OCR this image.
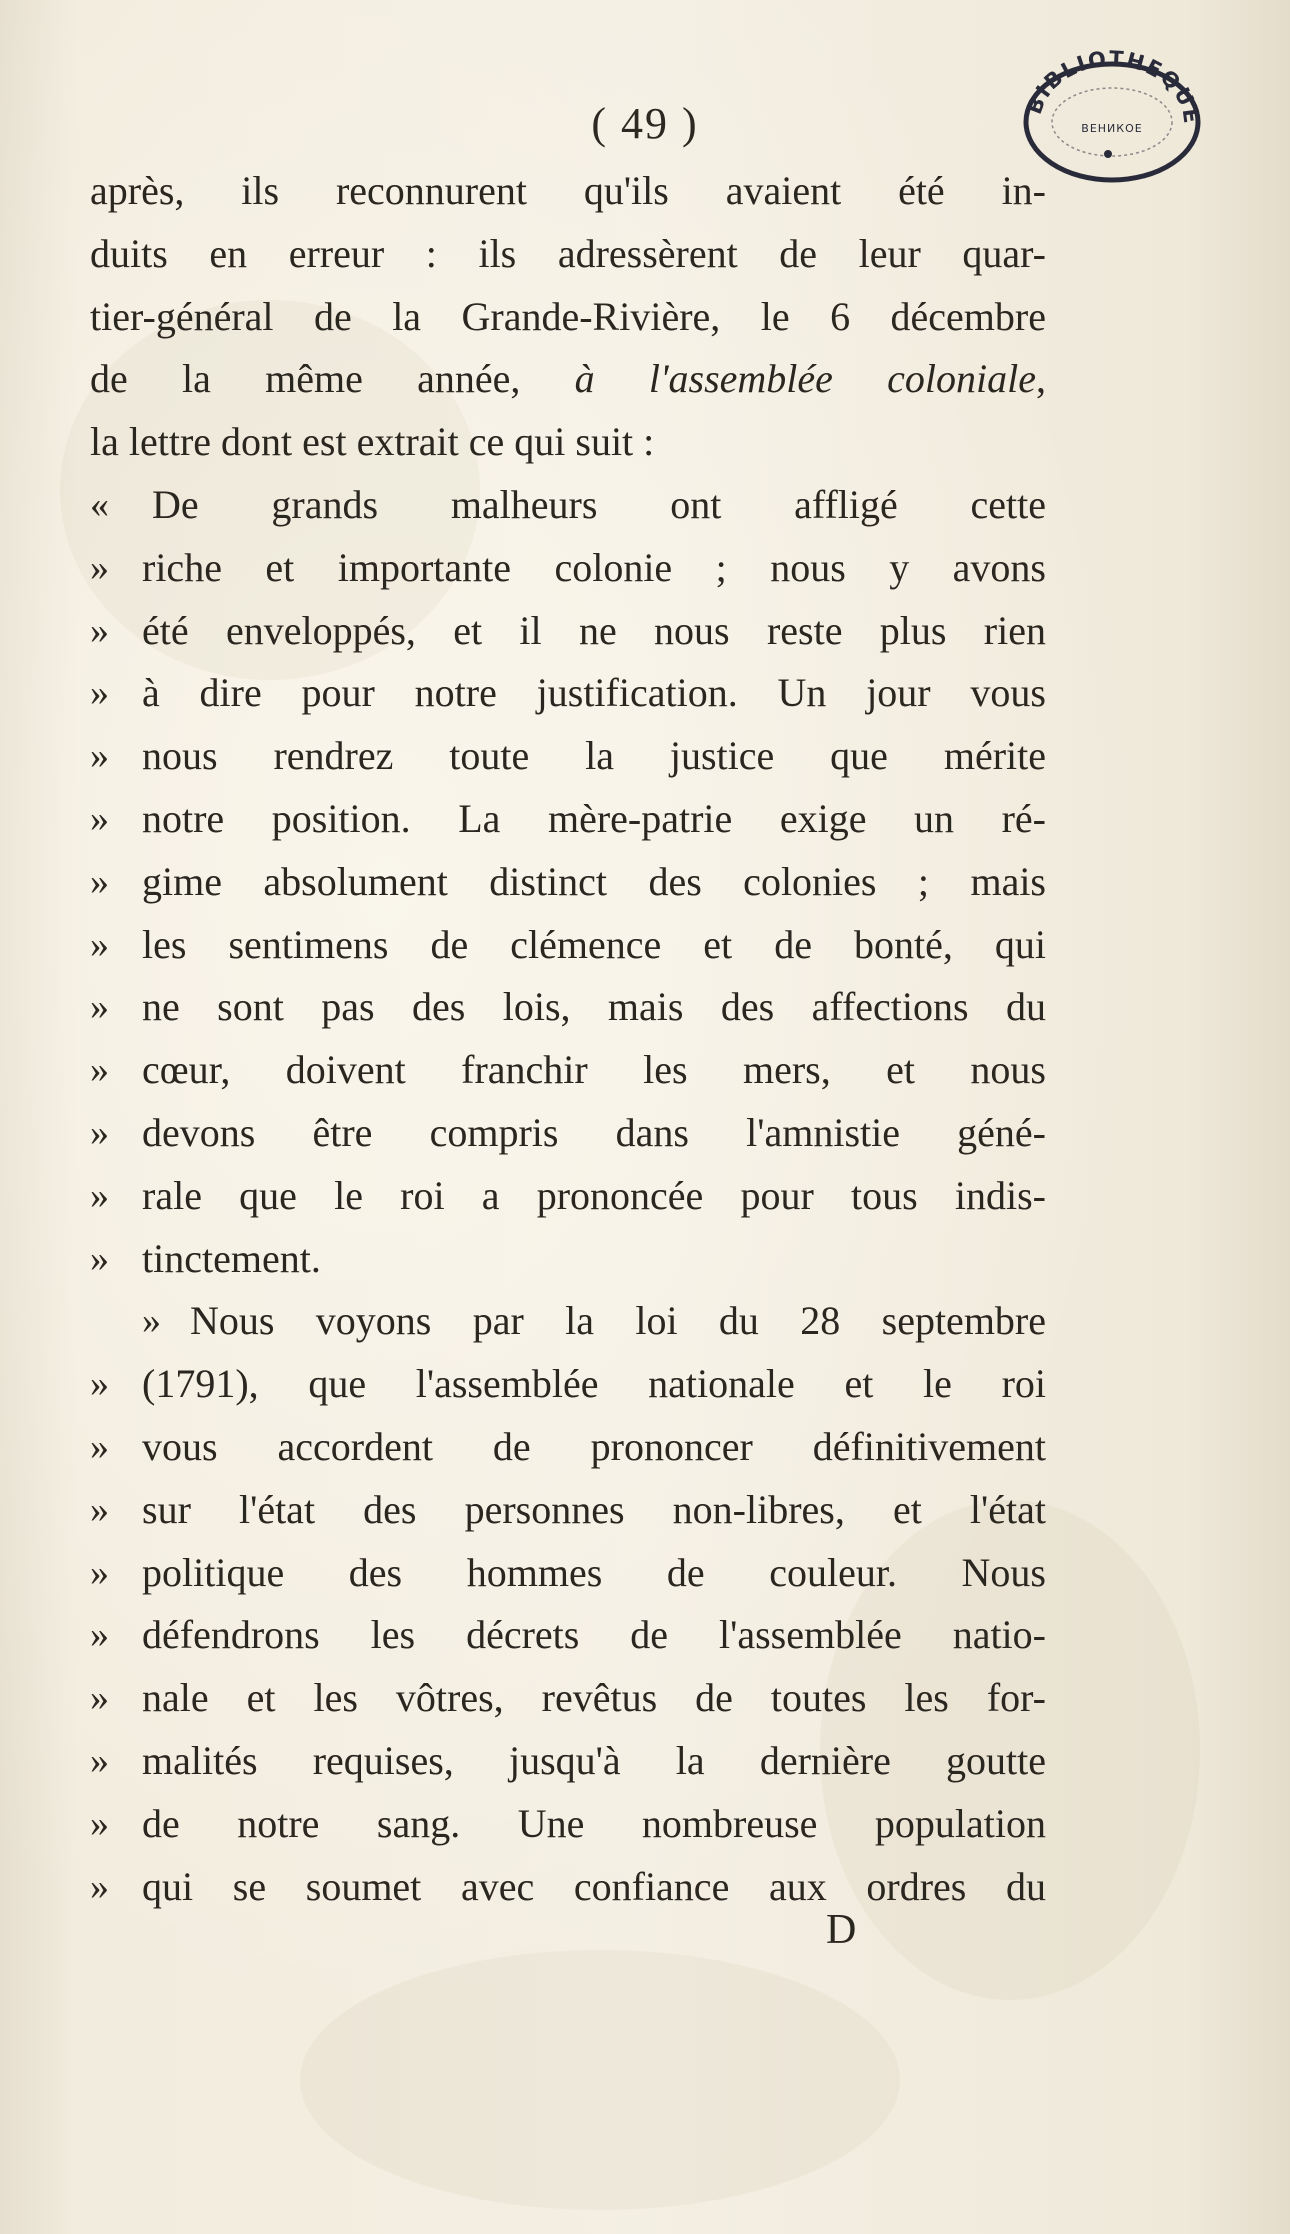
( 49 )	BIBLIOTHEQUE
ВЕНИКОЕ
après, ils reconnurent qu'ils avaient été in-
duits en erreur : ils adressèrent de leur quar-
tier-général de la Grande-Rivière, le 6 décembre
de la même année, à l'assemblée coloniale,
la lettre dont est extrait ce qui suit :
« De grands malheurs ont affligé cette
» riche et importante colonie ; nous y avons
» été enveloppés, et il ne nous reste plus rien
» à dire pour notre justification. Un jour vous
» nous rendrez toute la justice que mérite
» notre position. La mère-patrie exige un ré-
» gime absolument distinct des colonies ; mais
» les sentimens de clémence et de bonté, qui
» ne sont pas des lois, mais des affections du
» cœur, doivent franchir les mers, et nous
» devons être compris dans l'amnistie géné-
» rale que le roi a prononcée pour tous indis-
» tinctement.
» Nous voyons par la loi du 28 septembre
» (1791), que l'assemblée nationale et le roi
» vous accordent de prononcer définitivement
» sur l'état des personnes non-libres, et l'état
» politique des hommes de couleur. Nous
» défendrons les décrets de l'assemblée natio-
» nale et les vôtres, revêtus de toutes les for-
» malités requises, jusqu'à la dernière goutte
» de notre sang. Une nombreuse population
» qui se soumet avec confiance aux ordres du
D
